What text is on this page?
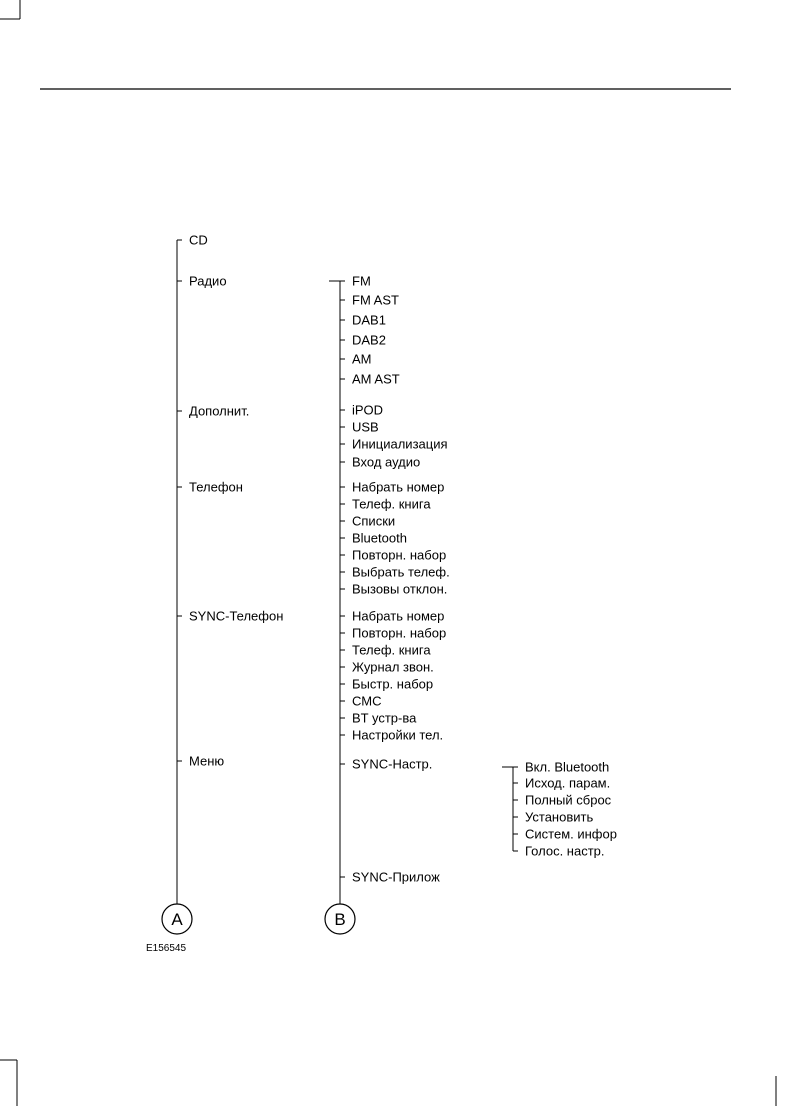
CD
Радио
Дополнит.
Телефон
SYNC-Телефон
Меню
FM
FM AST
DAB1
DAB2
AM
AM AST
iPOD
USB
Инициализация
Вход аудио
Набрать номер
Телеф. книга
Списки
Bluetooth
Повторн. набор
Выбрать телеф.
Вызовы отклон.
Набрать номер
Повторн. набор
Телеф. книга
Журнал звон.
Быстр. набор
СМС
BT устр-ва
Настройки тел.
SYNC-Настр.
SYNC-Прилож
Вкл. Bluetooth
Исход. парам.
Полный сброс
Установить
Систем. инфор
Голос. настр.
A	B
E156545
